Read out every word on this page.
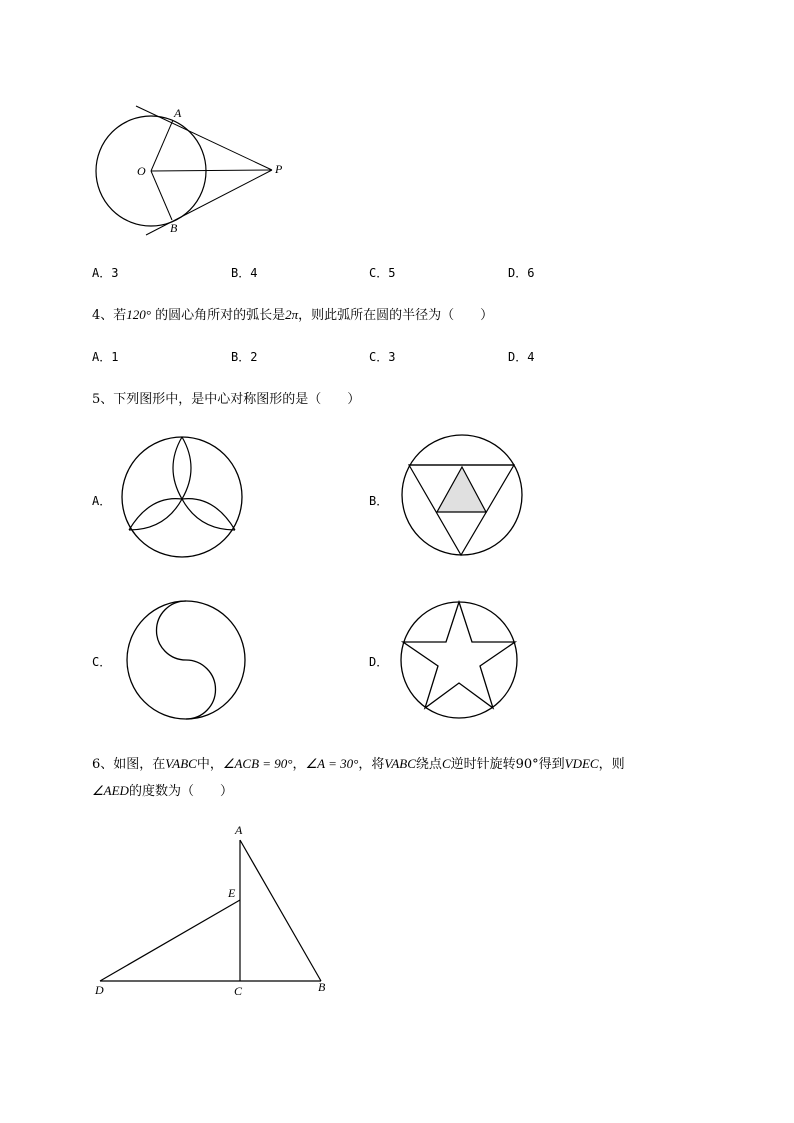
A
O	P
B
A．3	B．4	C．5	D．6
4、若120° 的圆心角所对的弧长是2π，则此弧所在圆的半径为（　　）
A．1	B．2	C．3	D．4
5、下列图形中，是中心对称图形的是（　　）
A．	B．
C．	D．
6、如图，在VABC中，∠ACB = 90°，∠A = 30°，将VABC绕点C逆时针旋转90°得到VDEC，则
∠AED的度数为（　　）
A
E
D	C	B
